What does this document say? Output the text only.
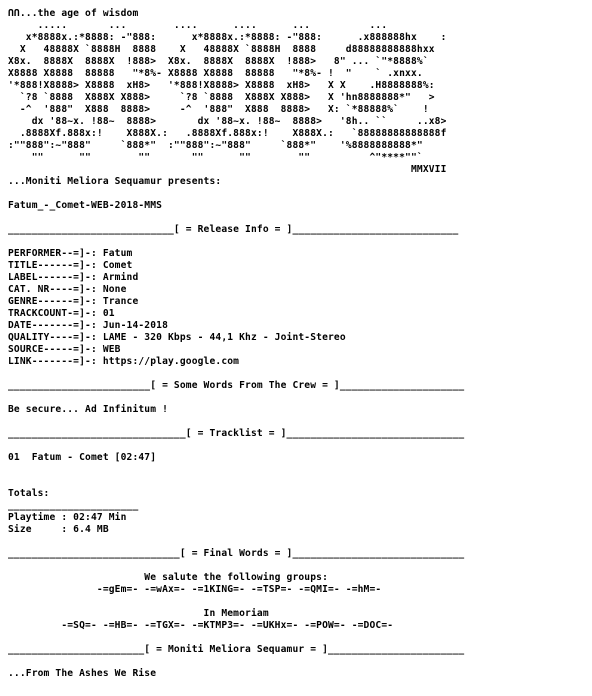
ՈՈ...the age of wisdom
.....       ...        ....      ....      ...          ...
x*8888x.:*8888: -"888:      x*8888x.:*8888: -"888:      .x888888hx    :
X   48888X `8888H  8888    X   48888X `8888H  8888     d88888888888hxx
X8x.  8888X  8888X  !888>  X8x.  8888X  8888X  !888>   8" ... `"*8888%`
X8888 X8888  88888   "*8%- X8888 X8888  88888   "*8%- !  "    ` .xnxx.
'*888!X8888> X8888  xH8>   '*888!X8888> X8888  xH8>   X X    .H8888888%:
`?8 `8888  X888X X888>     `?8 `8888  X888X X888>   X 'hn8888888*"   >
-^  '888"  X888  8888>     -^  '888"  X888  8888>   X: `*88888%`    !
dx '88~x. !88~  8888>       dx '88~x. !88~  8888>   '8h.. ``     ..x8>
.8888Xf.888x:!    X888X.:   .8888Xf.888x:!    X888X.:   `88888888888888f
:""888":~"888"     `888*"  :""888":~"888"     `888*"    '%8888888888*"
""      ""        ""       ""      ""        ""          ^"****""`
MMXVII
...Moniti Meliora Sequamur presents:
Fatum_-_Comet-WEB-2018-MMS
____________________________[ = Release Info = ]____________________________
PERFORMER--=]-: Fatum
TITLE------=]-: Comet
LABEL------=]-: Armind
CAT. NR----=]-: None
GENRE------=]-: Trance
TRACKCOUNT-=]-: 01
DATE-------=]-: Jun-14-2018
QUALITY----=]-: LAME - 320 Kbps - 44,1 Khz - Joint-Stereo
SOURCE-----=]-: WEB
LINK-------=]-: https://play.google.com
________________________[ = Some Words From The Crew = ]_____________________
Be secure... Ad Infinitum !
______________________________[ = Tracklist = ]______________________________
01  Fatum - Comet [02:47]
Totals:
______________________
Playtime : 02:47 Min
Size     : 6.4 MB
_____________________________[ = Final Words = ]_____________________________
We salute the following groups:
-=gEm=- -=wAx=- -=1KING=- -=TSP=- -=QMI=- -=hM=-
In Memoriam
-=SQ=- -=HB=- -=TGX=- -=KTMP3=- -=UKHx=- -=POW=- -=DOC=-
_______________________[ = Moniti Meliora Sequamur = ]_______________________
...From The Ashes We Rise
